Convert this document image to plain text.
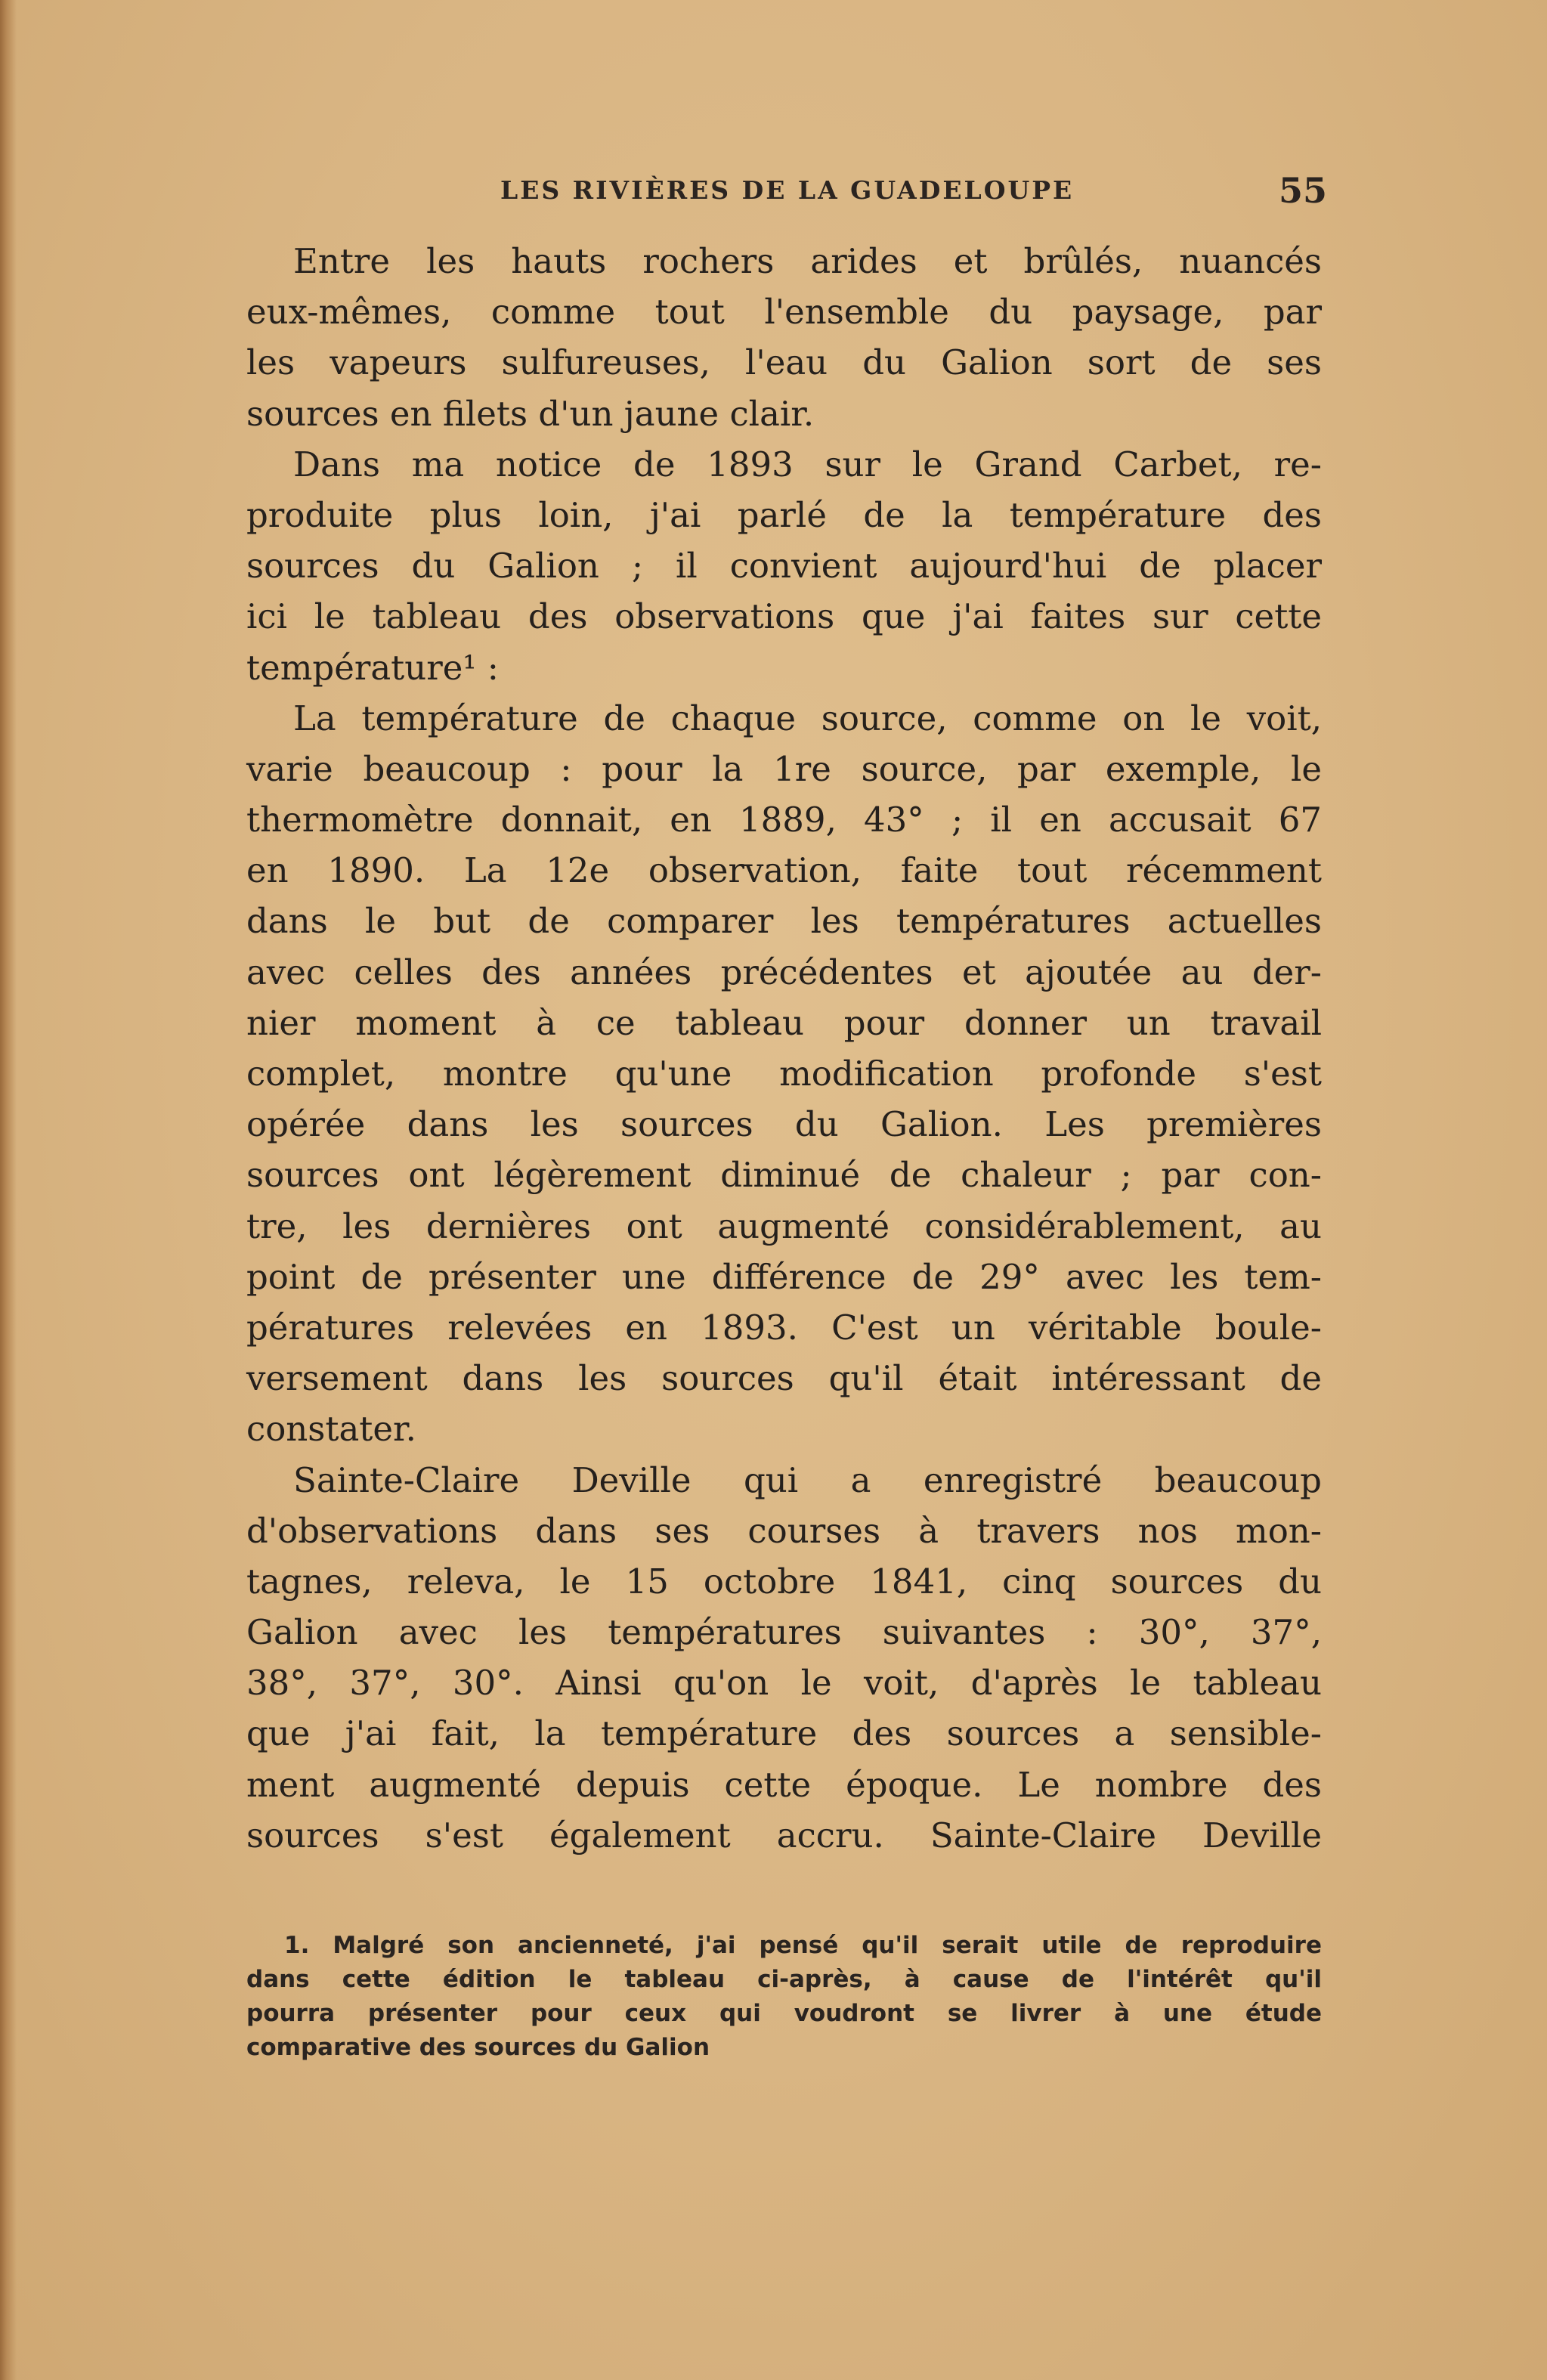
LES RIVIÈRES DE LA GUADELOUPE	55
Entre les hauts rochers arides et brûlés, nuancés
eux-mêmes, comme tout l'ensemble du paysage, par
les vapeurs sulfureuses, l'eau du Galion sort de ses
sources en filets d'un jaune clair.
Dans ma notice de 1893 sur le Grand Carbet, re-
produite plus loin, j'ai parlé de la température des
sources du Galion ; il convient aujourd'hui de placer
ici le tableau des observations que j'ai faites sur cette
température¹ :
La température de chaque source, comme on le voit,
varie beaucoup : pour la 1re source, par exemple, le
thermomètre donnait, en 1889, 43° ; il en accusait 67
en 1890. La 12e observation, faite tout récemment
dans le but de comparer les températures actuelles
avec celles des années précédentes et ajoutée au der-
nier moment à ce tableau pour donner un travail
complet, montre qu'une modification profonde s'est
opérée dans les sources du Galion. Les premières
sources ont légèrement diminué de chaleur ; par con-
tre, les dernières ont augmenté considérablement, au
point de présenter une différence de 29° avec les tem-
pératures relevées en 1893. C'est un véritable boule-
versement dans les sources qu'il était intéressant de
constater.
Sainte-Claire Deville qui a enregistré beaucoup
d'observations dans ses courses à travers nos mon-
tagnes, releva, le 15 octobre 1841, cinq sources du
Galion avec les températures suivantes : 30°, 37°,
38°, 37°, 30°. Ainsi qu'on le voit, d'après le tableau
que j'ai fait, la température des sources a sensible-
ment augmenté depuis cette époque. Le nombre des
sources s'est également accru. Sainte-Claire Deville
1. Malgré son ancienneté, j'ai pensé qu'il serait utile de reproduire
dans cette édition le tableau ci-après, à cause de l'intérêt qu'il
pourra présenter pour ceux qui voudront se livrer à une étude
comparative des sources du Galion
